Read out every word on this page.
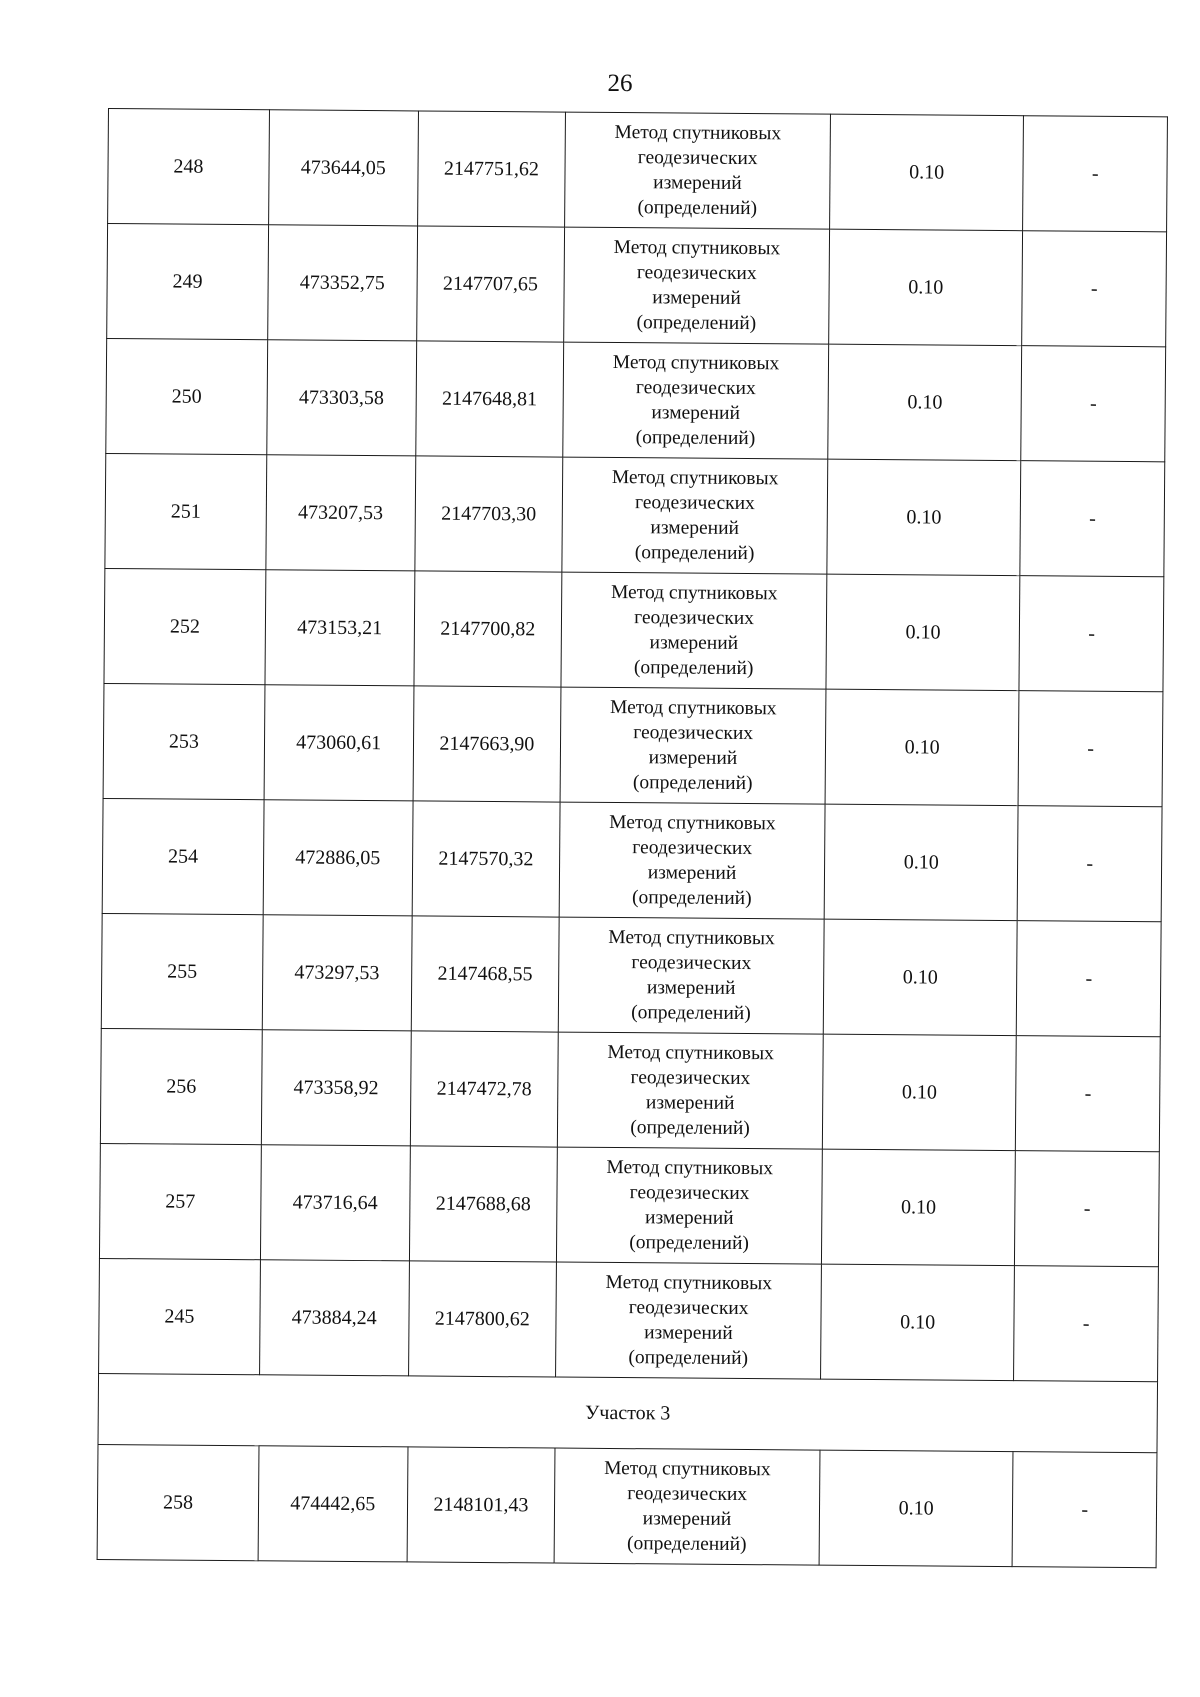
26
248	473644,05	2147751,62	Метод спутниковых
геодезических
измерений
(определений)	0.10	-
249	473352,75	2147707,65	Метод спутниковых
геодезических
измерений
(определений)	0.10	-
250	473303,58	2147648,81	Метод спутниковых
геодезических
измерений
(определений)	0.10	-
251	473207,53	2147703,30	Метод спутниковых
геодезических
измерений
(определений)	0.10	-
252	473153,21	2147700,82	Метод спутниковых
геодезических
измерений
(определений)	0.10	-
253	473060,61	2147663,90	Метод спутниковых
геодезических
измерений
(определений)	0.10	-
254	472886,05	2147570,32	Метод спутниковых
геодезических
измерений
(определений)	0.10	-
255	473297,53	2147468,55	Метод спутниковых
геодезических
измерений
(определений)	0.10	-
256	473358,92	2147472,78	Метод спутниковых
геодезических
измерений
(определений)	0.10	-
257	473716,64	2147688,68	Метод спутниковых
геодезических
измерений
(определений)	0.10	-
245	473884,24	2147800,62	Метод спутниковых
геодезических
измерений
(определений)	0.10	-
Участок 3					
258	474442,65	2148101,43	Метод спутниковых
геодезических
измерений
(определений)	0.10	-
